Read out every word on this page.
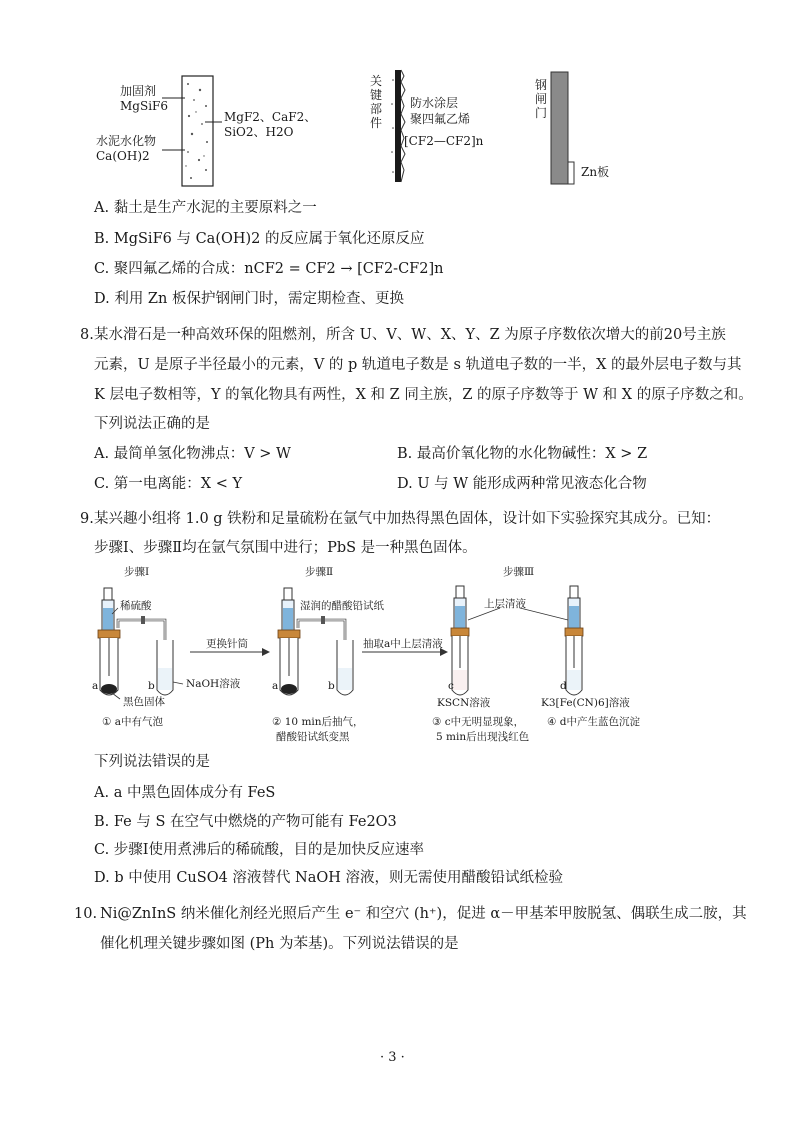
加固剂
MgSiF6
水泥水化物
Ca(OH)2
MgF2、CaF2、
SiO2、H2O
关键部件
防水涂层
聚四氟乙烯
[CF2—CF2]n
钢闸门
Zn板
A. 黏土是生产水泥的主要原料之一
B. MgSiF6 与 Ca(OH)2 的反应属于氧化还原反应
C. 聚四氟乙烯的合成：nCF2 = CF2 → [CF2-CF2]n
D. 利用 Zn 板保护钢闸门时，需定期检查、更换
8. 某水滑石是一种高效环保的阻燃剂，所含 U、V、W、X、Y、Z 为原子序数依次增大的前20号主族
元素，U 是原子半径最小的元素，V 的 p 轨道电子数是 s 轨道电子数的一半，X 的最外层电子数与其
K 层电子数相等，Y 的氧化物具有两性，X 和 Z 同主族，Z 的原子序数等于 W 和 X 的原子序数之和。
下列说法正确的是
A. 最简单氢化物沸点：V > W	B. 最高价氧化物的水化物碱性：X > Z
C. 第一电离能：X < Y	D. U 与 W 能形成两种常见液态化合物
9. 某兴趣小组将 1.0 g 铁粉和足量硫粉在氩气中加热得黑色固体，设计如下实验探究其成分。已知：
步骤Ⅰ、步骤Ⅱ均在氩气氛围中进行；PbS 是一种黑色固体。
步骤Ⅰ	步骤Ⅱ	步骤Ⅲ
稀硫酸	湿润的醋酸铅试纸	上层清液
更换针筒	抽取a中上层清液
a	b	NaOH溶液	a	b	c	d
黑色固体	KSCN溶液	K3[Fe(CN)6]溶液
① a中有气泡	② 10 min后抽气，
醋酸铅试纸变黑
③ c中无明显现象，
5 min后出现浅红色
④ d中产生蓝色沉淀
下列说法错误的是
A. a 中黑色固体成分有 FeS
B. Fe 与 S 在空气中燃烧的产物可能有 Fe2O3
C. 步骤Ⅰ使用煮沸后的稀硫酸，目的是加快反应速率
D. b 中使用 CuSO4 溶液替代 NaOH 溶液，则无需使用醋酸铅试纸检验
10. Ni@ZnInS 纳米催化剂经光照后产生 e⁻ 和空穴 (h⁺)，促进 α－甲基苯甲胺脱氢、偶联生成二胺，其
催化机理关键步骤如图 (Ph 为苯基)。下列说法错误的是
· 3 ·
